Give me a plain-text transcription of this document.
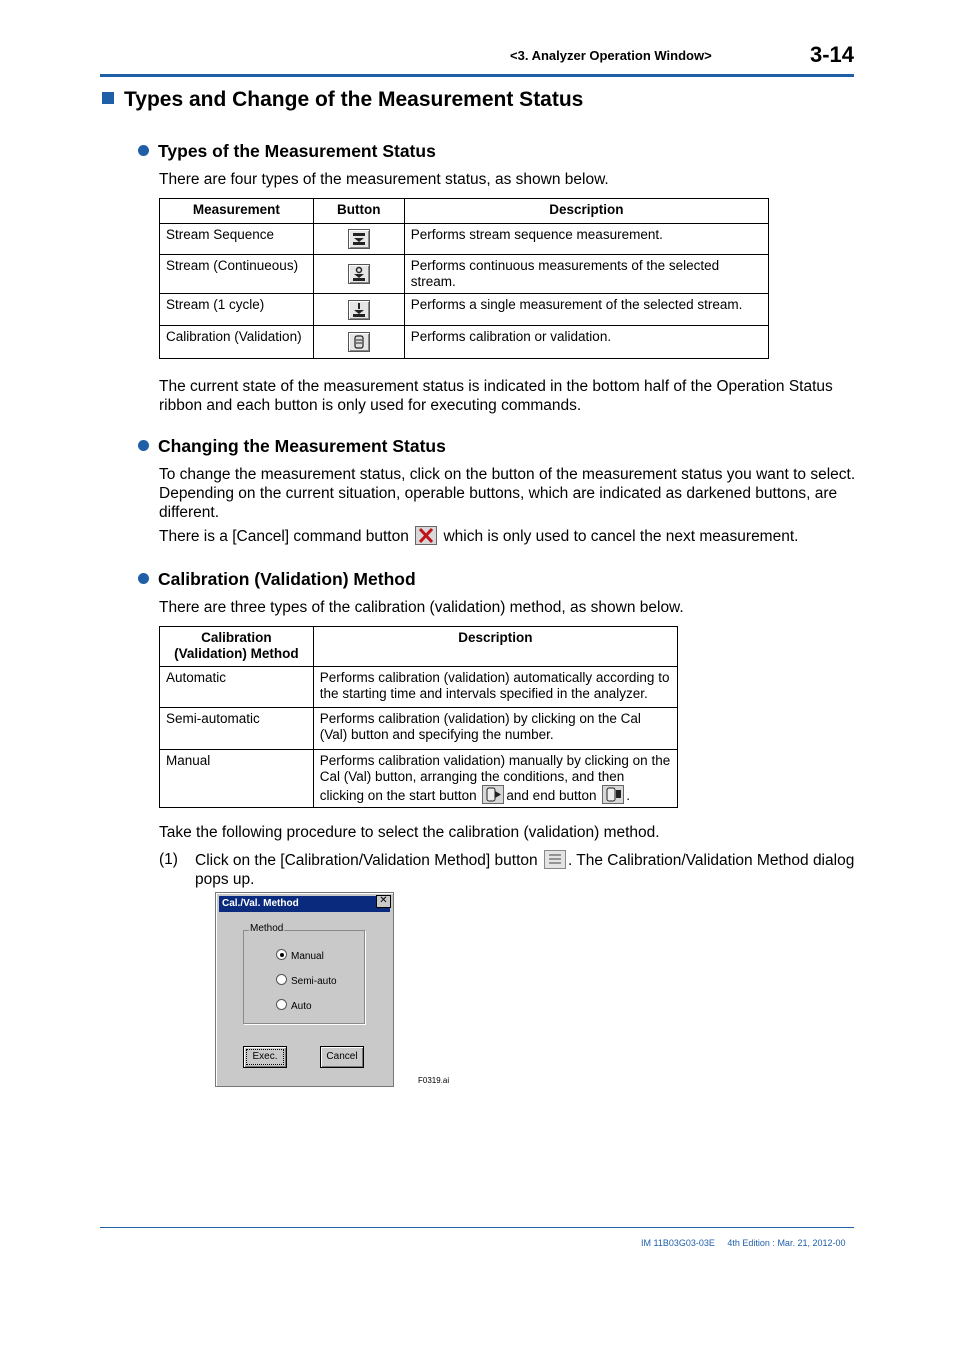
<3. Analyzer Operation Window>	3-14
Types and Change of the Measurement Status
Types of the Measurement Status
There are four types of the measurement status, as shown below.
Measurement	Button	Description
Stream Sequence		Performs stream sequence measurement.
Stream (Continueous)		Performs continuous measurements of the selected stream.
Stream (1 cycle)		Performs a single measurement of the selected stream.
Calibration (Validation)		Performs calibration or validation.
The current state of the measurement status is indicated in the bottom half of the Operation Status ribbon and each button is only used for executing commands.
Changing the Measurement Status
To change the measurement status, click on the button of the measurement status you want to select. Depending on the current situation, operable buttons, which are indicated as darkened buttons, are different.
There is a [Cancel] command button which is only used to cancel the next measurement.
Calibration (Validation) Method
There are three types of the calibration (validation) method, as shown below.
Calibration (Validation) Method	Description
Automatic	Performs calibration (validation) automatically according to the starting time and intervals specified in the analyzer.
Semi-automatic	Performs calibration (validation) by clicking on the Cal (Val) button and specifying the number.
Manual	Performs calibration validation) manually by clicking on the Cal (Val) button, arranging the conditions, and then clicking on the start button and end button .
Take the following procedure to select the calibration (validation) method.
(1)	Click on the [Calibration/Validation Method] button . The Calibration/Validation Method dialog pops up.
Cal./Val. Method	✕
Method
Manual
Semi-auto
Auto
Exec.	Cancel
F0319.ai
IM 11B03G03-03E 4th Edition : Mar. 21, 2012-00
